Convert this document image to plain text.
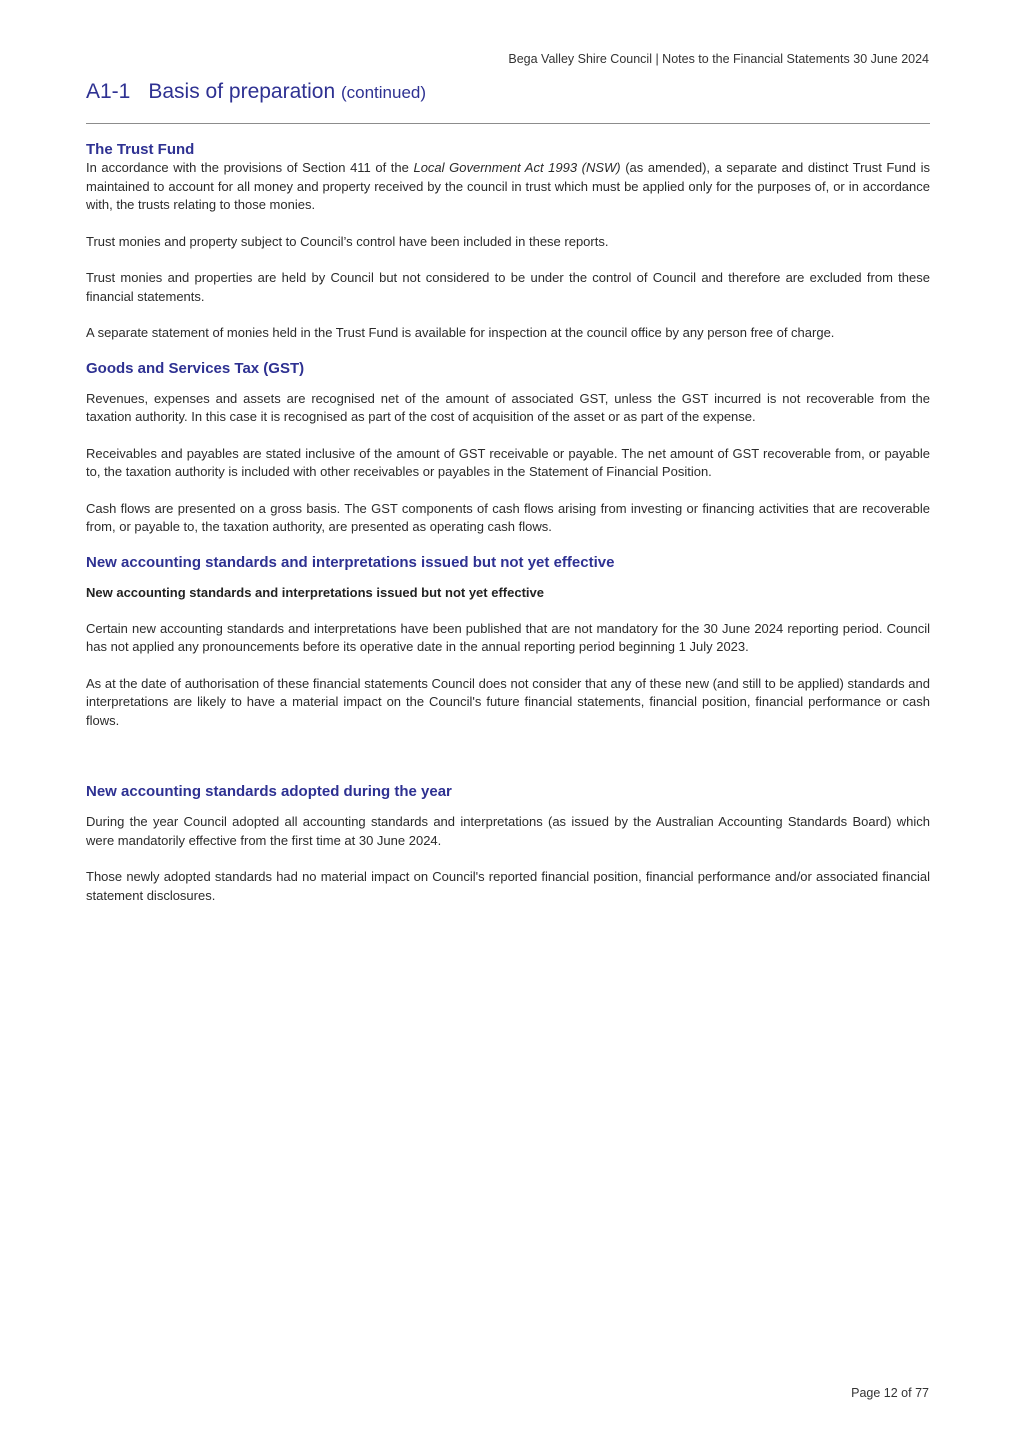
Bega Valley Shire Council | Notes to the Financial Statements 30 June 2024
A1-1 Basis of preparation (continued)
The Trust Fund

In accordance with the provisions of Section 411 of the Local Government Act 1993 (NSW) (as amended), a separate and distinct Trust Fund is maintained to account for all money and property received by the council in trust which must be applied only for the purposes of, or in accordance with, the trusts relating to those monies.

Trust monies and property subject to Council’s control have been included in these reports.

Trust monies and properties are held by Council but not considered to be under the control of Council and therefore are excluded from these financial statements.

A separate statement of monies held in the Trust Fund is available for inspection at the council office by any person free of charge.

Goods and Services Tax (GST)

Revenues, expenses and assets are recognised net of the amount of associated GST, unless the GST incurred is not recoverable from the taxation authority. In this case it is recognised as part of the cost of acquisition of the asset or as part of the expense.

Receivables and payables are stated inclusive of the amount of GST receivable or payable. The net amount of GST recoverable from, or payable to, the taxation authority is included with other receivables or payables in the Statement of Financial Position.

Cash flows are presented on a gross basis. The GST components of cash flows arising from investing or financing activities that are recoverable from, or payable to, the taxation authority, are presented as operating cash flows.

New accounting standards and interpretations issued but not yet effective
New accounting standards and interpretations issued but not yet effective

Certain new accounting standards and interpretations have been published that are not mandatory for the 30 June 2024 reporting period. Council has not applied any pronouncements before its operative date in the annual reporting period beginning 1 July 2023.

As at the date of authorisation of these financial statements Council does not consider that any of these new (and still to be applied) standards and interpretations are likely to have a material impact on the Council's future financial statements, financial position, financial performance or cash flows.

New accounting standards adopted during the year

During the year Council adopted all accounting standards and interpretations (as issued by the Australian Accounting Standards Board) which were mandatorily effective from the first time at 30 June 2024.

Those newly adopted standards had no material impact on Council's reported financial position, financial performance and/or associated financial statement disclosures.

Page 12 of 77
